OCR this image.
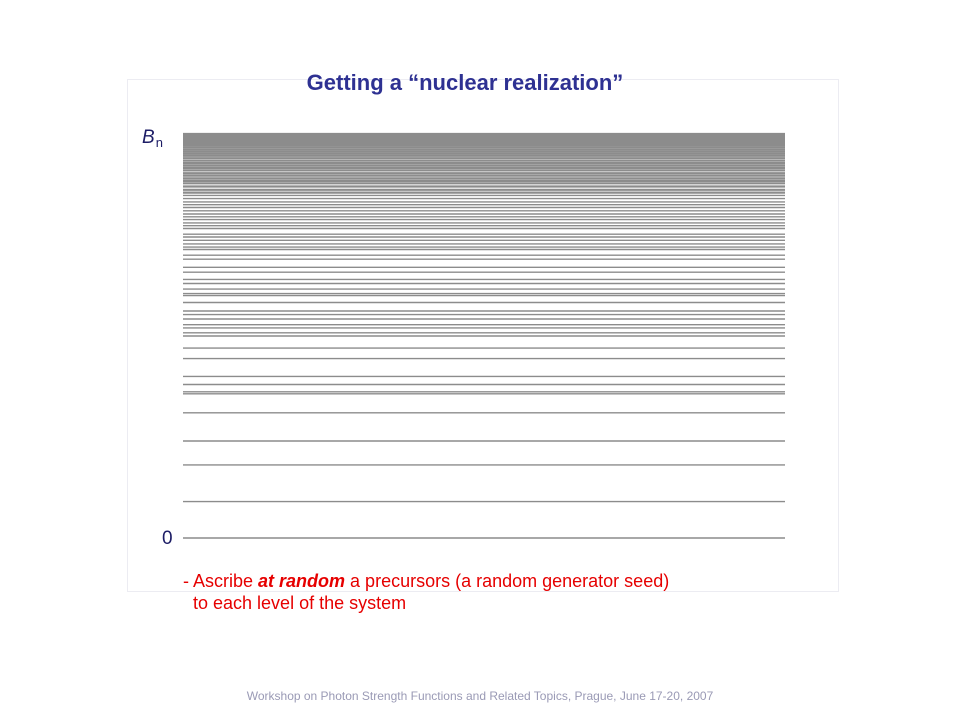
Getting a “nuclear realization”
$B_n$
0
- Ascribe at random a precursors (a random generator seed)
to each level of the system
Workshop on Photon Strength Functions and Related Topics, Prague, June 17-20, 2007
